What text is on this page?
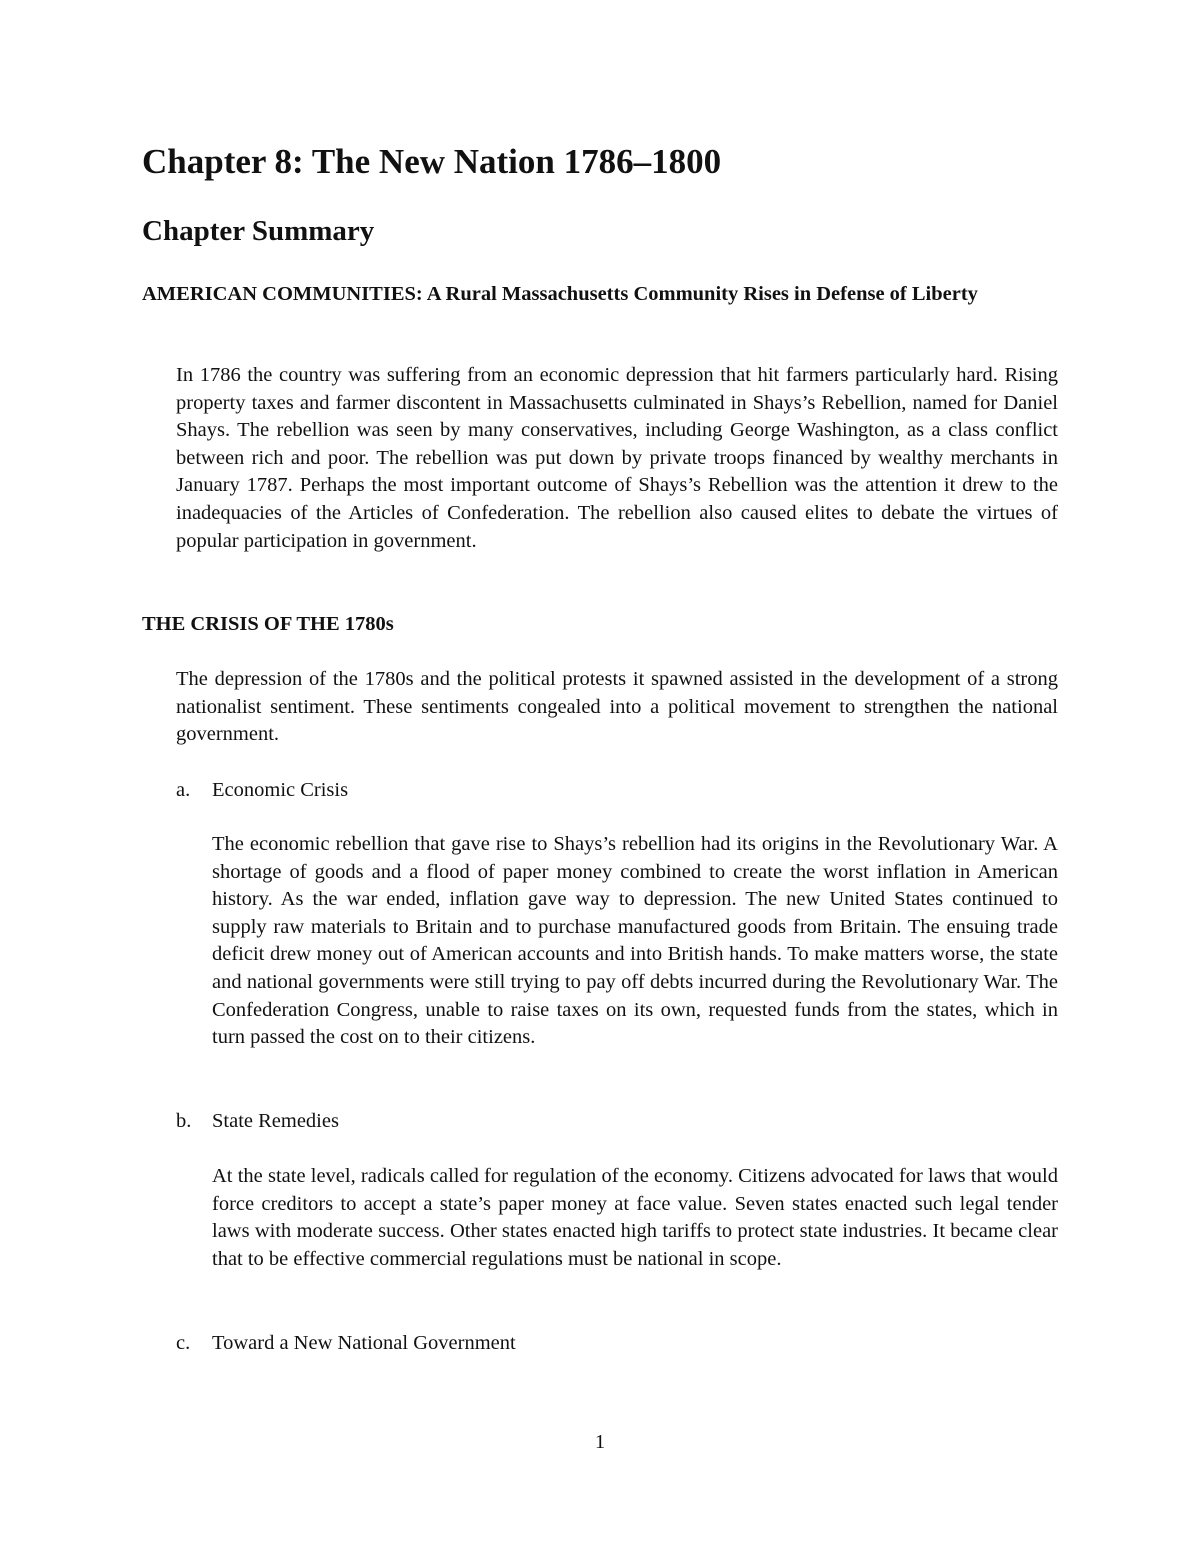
Chapter 8: The New Nation 1786–1800
Chapter Summary

AMERICAN COMMUNITIES: A Rural Massachusetts Community Rises in Defense of Liberty

In 1786 the country was suffering from an economic depression that hit farmers particularly hard. Rising property taxes and farmer discontent in Massachusetts culminated in Shays’s Rebellion, named for Daniel Shays. The rebellion was seen by many conservatives, including George Washington, as a class conflict between rich and poor. The rebellion was put down by private troops financed by wealthy merchants in January 1787. Perhaps the most important outcome of Shays’s Rebellion was the attention it drew to the inadequacies of the Articles of Confederation. The rebellion also caused elites to debate the virtues of popular participation in government.

THE CRISIS OF THE 1780s

The depression of the 1780s and the political protests it spawned assisted in the development of a strong nationalist sentiment. These sentiments congealed into a political movement to strengthen the national government.

a. Economic Crisis

The economic rebellion that gave rise to Shays’s rebellion had its origins in the Revolutionary War. A shortage of goods and a flood of paper money combined to create the worst inflation in American history. As the war ended, inflation gave way to depression. The new United States continued to supply raw materials to Britain and to purchase manufactured goods from Britain. The ensuing trade deficit drew money out of American accounts and into British hands. To make matters worse, the state and national governments were still trying to pay off debts incurred during the Revolutionary War. The Confederation Congress, unable to raise taxes on its own, requested funds from the states, which in turn passed the cost on to their citizens.

b. State Remedies

At the state level, radicals called for regulation of the economy. Citizens advocated for laws that would force creditors to accept a state’s paper money at face value. Seven states enacted such legal tender laws with moderate success. Other states enacted high tariffs to protect state industries. It became clear that to be effective commercial regulations must be national in scope.

c. Toward a New National Government

1
